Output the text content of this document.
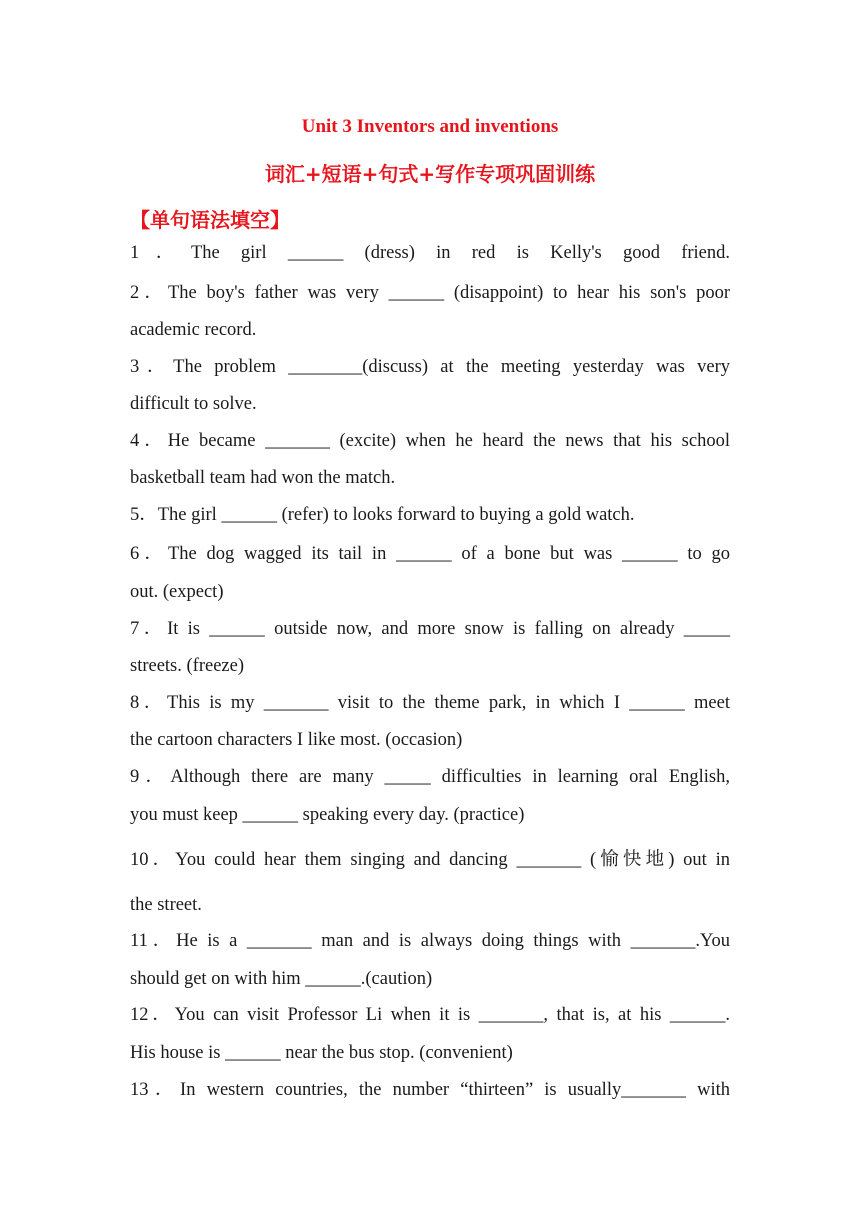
Unit 3 Inventors and inventions
词汇+短语+句式+写作专项巩固训练
【单句语法填空】
1．The girl ______ (dress) in red is Kelly's good friend.
2．The boy's father was very ______ (disappoint) to hear his son's poor
academic record.
3．The problem ________(discuss) at the meeting yesterday was very
difficult to solve.
4．He became _______ (excite) when he heard the news that his school
basketball team had won the match.
5．The girl ______ (refer) to looks forward to buying a gold watch.
6．The dog wagged its tail in ______ of a bone but was ______ to go
out. (expect)
7．It is ______ outside now, and more snow is falling on already _____
streets. (freeze)
8．This is my _______ visit to the theme park, in which I ______ meet
the cartoon characters I like most. (occasion)
9．Although there are many _____ difficulties in learning oral English,
you must keep ______ speaking every day. (practice)
10．You could hear them singing and dancing _______ (愉快地) out in
the street.
11．He is a _______ man and is always doing things with _______.You
should get on with him ______.(caution)
12．You can visit Professor Li when it is _______, that is, at his ______.
His house is ______ near the bus stop. (convenient)
13．In western countries, the number “thirteen” is usually_______ with
